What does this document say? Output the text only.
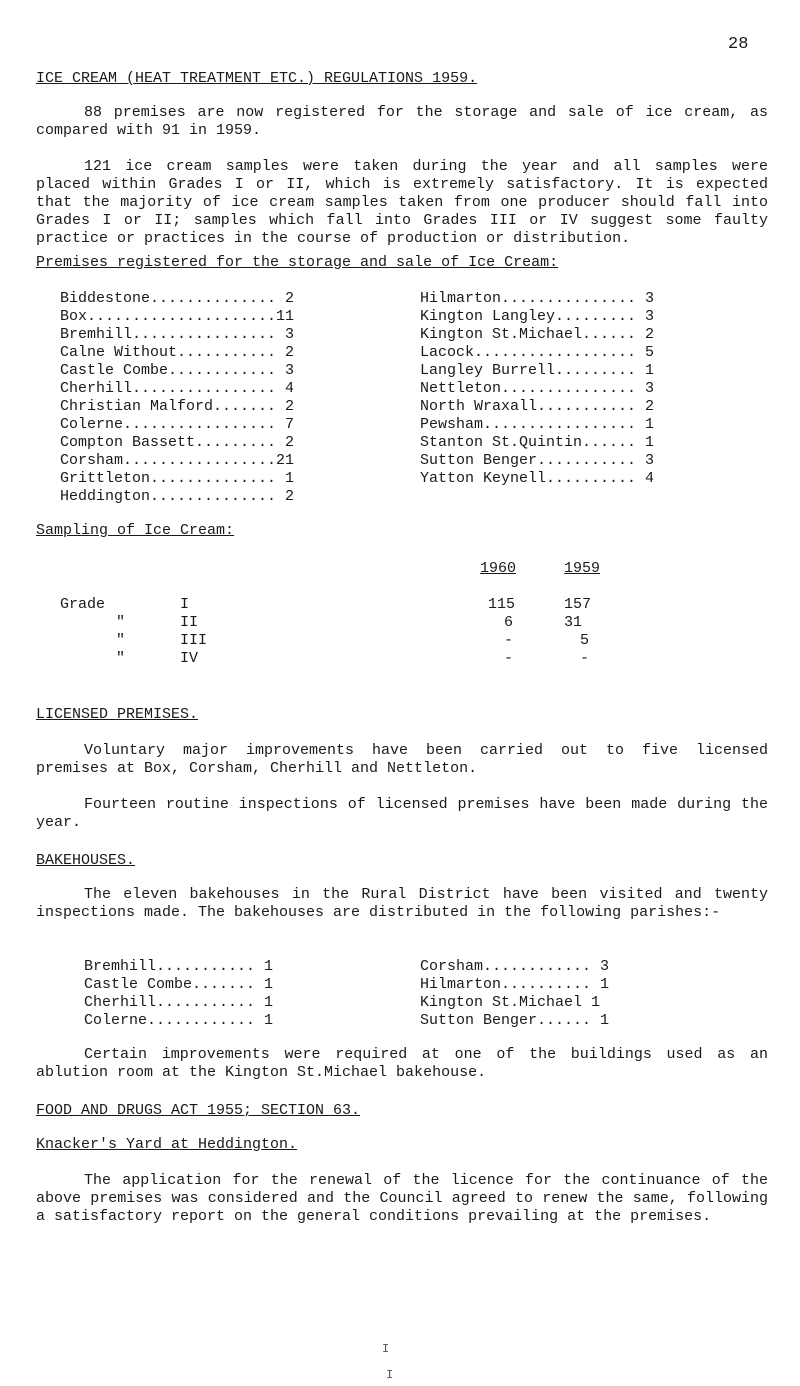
28
ICE CREAM (HEAT TREATMENT ETC.) REGULATIONS 1959.

88 premises are now registered for the storage and sale of ice cream, as compared with 91 in 1959.

121 ice cream samples were taken during the year and all samples were placed within Grades I or II, which is extremely satisfactory. It is expected that the majority of ice cream samples taken from one producer should fall into Grades I or II; samples which fall into Grades III or IV suggest some faulty practice or practices in the course of production or distribution.

Premises registered for the storage and sale of Ice Cream:
Biddestone.............. 2
Box.....................11
Bremhill................ 3
Calne Without........... 2
Castle Combe............ 3
Cherhill................ 4
Christian Malford....... 2
Colerne................. 7
Compton Bassett......... 2
Corsham.................21
Grittleton.............. 1
Heddington.............. 2
Hilmarton............... 3
Kington Langley......... 3
Kington St.Michael...... 2
Lacock.................. 5
Langley Burrell......... 1
Nettleton............... 3
North Wraxall........... 2
Pewsham................. 1
Stanton St.Quintin...... 1
Sutton Benger........... 3
Yatton Keynell.......... 4
Sampling of Ice Cream:
			1960	1959

Grade	I		115	157
"	II		6	31
"	III		-	5
"	IV		-	-
LICENSED PREMISES.

Voluntary major improvements have been carried out to five licensed premises at Box, Corsham, Cherhill and Nettleton.

Fourteen routine inspections of licensed premises have been made during the year.

BAKEHOUSES.

The eleven bakehouses in the Rural District have been visited and twenty inspections made. The bakehouses are distributed in the following parishes:-

Bremhill........... 1
Castle Combe....... 1
Cherhill........... 1
Colerne............ 1
Corsham............ 3
Hilmarton.......... 1
Kington St.Michael 1
Sutton Benger...... 1

Certain improvements were required at one of the buildings used as an ablution room at the Kington St.Michael bakehouse.

FOOD AND DRUGS ACT 1955; SECTION 63.
Knacker's Yard at Heddington.

The application for the renewal of the licence for the continuance of the above premises was considered and the Council agreed to renew the same, following a satisfactory report on the general conditions prevailing at the premises.

I
I
